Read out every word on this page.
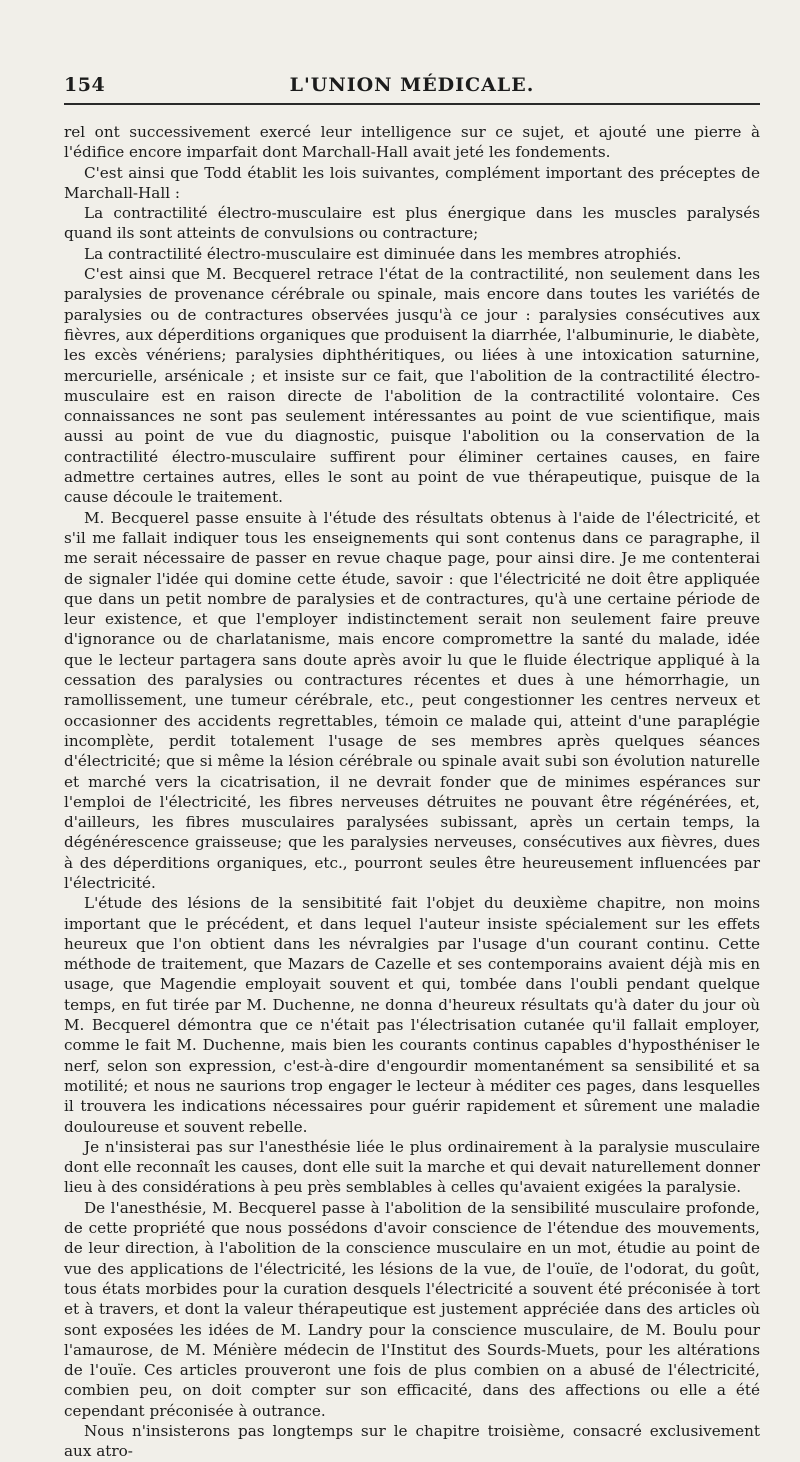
154	L'UNION MÉDICALE.

rel ont successivement exercé leur intelligence sur ce sujet, et ajouté une pierre à l'édifice encore imparfait dont Marchall-Hall avait jeté les fondements.

C'est ainsi que Todd établit les lois suivantes, complément important des préceptes de Marchall-Hall :

La contractilité électro-musculaire est plus énergique dans les muscles paralysés quand ils sont atteints de convulsions ou contracture;

La contractilité électro-musculaire est diminuée dans les membres atrophiés.

C'est ainsi que M. Becquerel retrace l'état de la contractilité, non seulement dans les paralysies de provenance cérébrale ou spinale, mais encore dans toutes les variétés de paralysies ou de contractures observées jusqu'à ce jour : paralysies consécutives aux fièvres, aux déperditions organiques que produisent la diarrhée, l'albuminurie, le diabète, les excès vénériens; paralysies diphthéritiques, ou liées à une intoxication saturnine, mercurielle, arsénicale ; et insiste sur ce fait, que l'abolition de la contractilité électro-musculaire est en raison directe de l'abolition de la contractilité volontaire. Ces connaissances ne sont pas seulement intéressantes au point de vue scientifique, mais aussi au point de vue du diagnostic, puisque l'abolition ou la conservation de la contractilité électro-musculaire suffirent pour éliminer certaines causes, en faire admettre certaines autres, elles le sont au point de vue thérapeutique, puisque de la cause découle le traitement.

M. Becquerel passe ensuite à l'étude des résultats obtenus à l'aide de l'électricité, et s'il me fallait indiquer tous les enseignements qui sont contenus dans ce paragraphe, il me serait nécessaire de passer en revue chaque page, pour ainsi dire. Je me contenterai de signaler l'idée qui domine cette étude, savoir : que l'électricité ne doit être appliquée que dans un petit nombre de paralysies et de contractures, qu'à une certaine période de leur existence, et que l'employer indistinctement serait non seulement faire preuve d'ignorance ou de charlatanisme, mais encore compromettre la santé du malade, idée que le lecteur partagera sans doute après avoir lu que le fluide électrique appliqué à la cessation des paralysies ou contractures récentes et dues à une hémorrhagie, un ramollissement, une tumeur cérébrale, etc., peut congestionner les centres nerveux et occasionner des accidents regrettables, témoin ce malade qui, atteint d'une paraplégie incomplète, perdit totalement l'usage de ses membres après quelques séances d'électricité; que si même la lésion cérébrale ou spinale avait subi son évolution naturelle et marché vers la cicatrisation, il ne devrait fonder que de minimes espérances sur l'emploi de l'électricité, les fibres nerveuses détruites ne pouvant être régénérées, et, d'ailleurs, les fibres musculaires paralysées subissant, après un certain temps, la dégénérescence graisseuse; que les paralysies nerveuses, consécutives aux fièvres, dues à des déperditions organiques, etc., pourront seules être heureusement influencées par l'électricité.

L'étude des lésions de la sensibitité fait l'objet du deuxième chapitre, non moins important que le précédent, et dans lequel l'auteur insiste spécialement sur les effets heureux que l'on obtient dans les névralgies par l'usage d'un courant continu. Cette méthode de traitement, que Mazars de Cazelle et ses contemporains avaient déjà mis en usage, que Magendie employait souvent et qui, tombée dans l'oubli pendant quelque temps, en fut tirée par M. Duchenne, ne donna d'heureux résultats qu'à dater du jour où M. Becquerel démontra que ce n'était pas l'électrisation cutanée qu'il fallait employer, comme le fait M. Duchenne, mais bien les courants continus capables d'hyposthéniser le nerf, selon son expression, c'est-à-dire d'engourdir momentanément sa sensibilité et sa motilité; et nous ne saurions trop engager le lecteur à méditer ces pages, dans lesquelles il trouvera les indications nécessaires pour guérir rapidement et sûrement une maladie douloureuse et souvent rebelle.

Je n'insisterai pas sur l'anesthésie liée le plus ordinairement à la paralysie musculaire dont elle reconnaît les causes, dont elle suit la marche et qui devait naturellement donner lieu à des considérations à peu près semblables à celles qu'avaient exigées la paralysie.

De l'anesthésie, M. Becquerel passe à l'abolition de la sensibilité musculaire profonde, de cette propriété que nous possédons d'avoir conscience de l'étendue des mouvements, de leur direction, à l'abolition de la conscience musculaire en un mot, étudie au point de vue des applications de l'électricité, les lésions de la vue, de l'ouïe, de l'odorat, du goût, tous états morbides pour la curation desquels l'électricité a souvent été préconisée à tort et à travers, et dont la valeur thérapeutique est justement appréciée dans des articles où sont exposées les idées de M. Landry pour la conscience musculaire, de M. Boulu pour l'amaurose, de M. Ménière médecin de l'Institut des Sourds-Muets, pour les altérations de l'ouïe. Ces articles prouveront une fois de plus combien on a abusé de l'électricité, combien peu, on doit compter sur son efficacité, dans des affections ou elle a été cependant préconisée à outrance.

Nous n'insisterons pas longtemps sur le chapitre troisième, consacré exclusivement aux atro-
